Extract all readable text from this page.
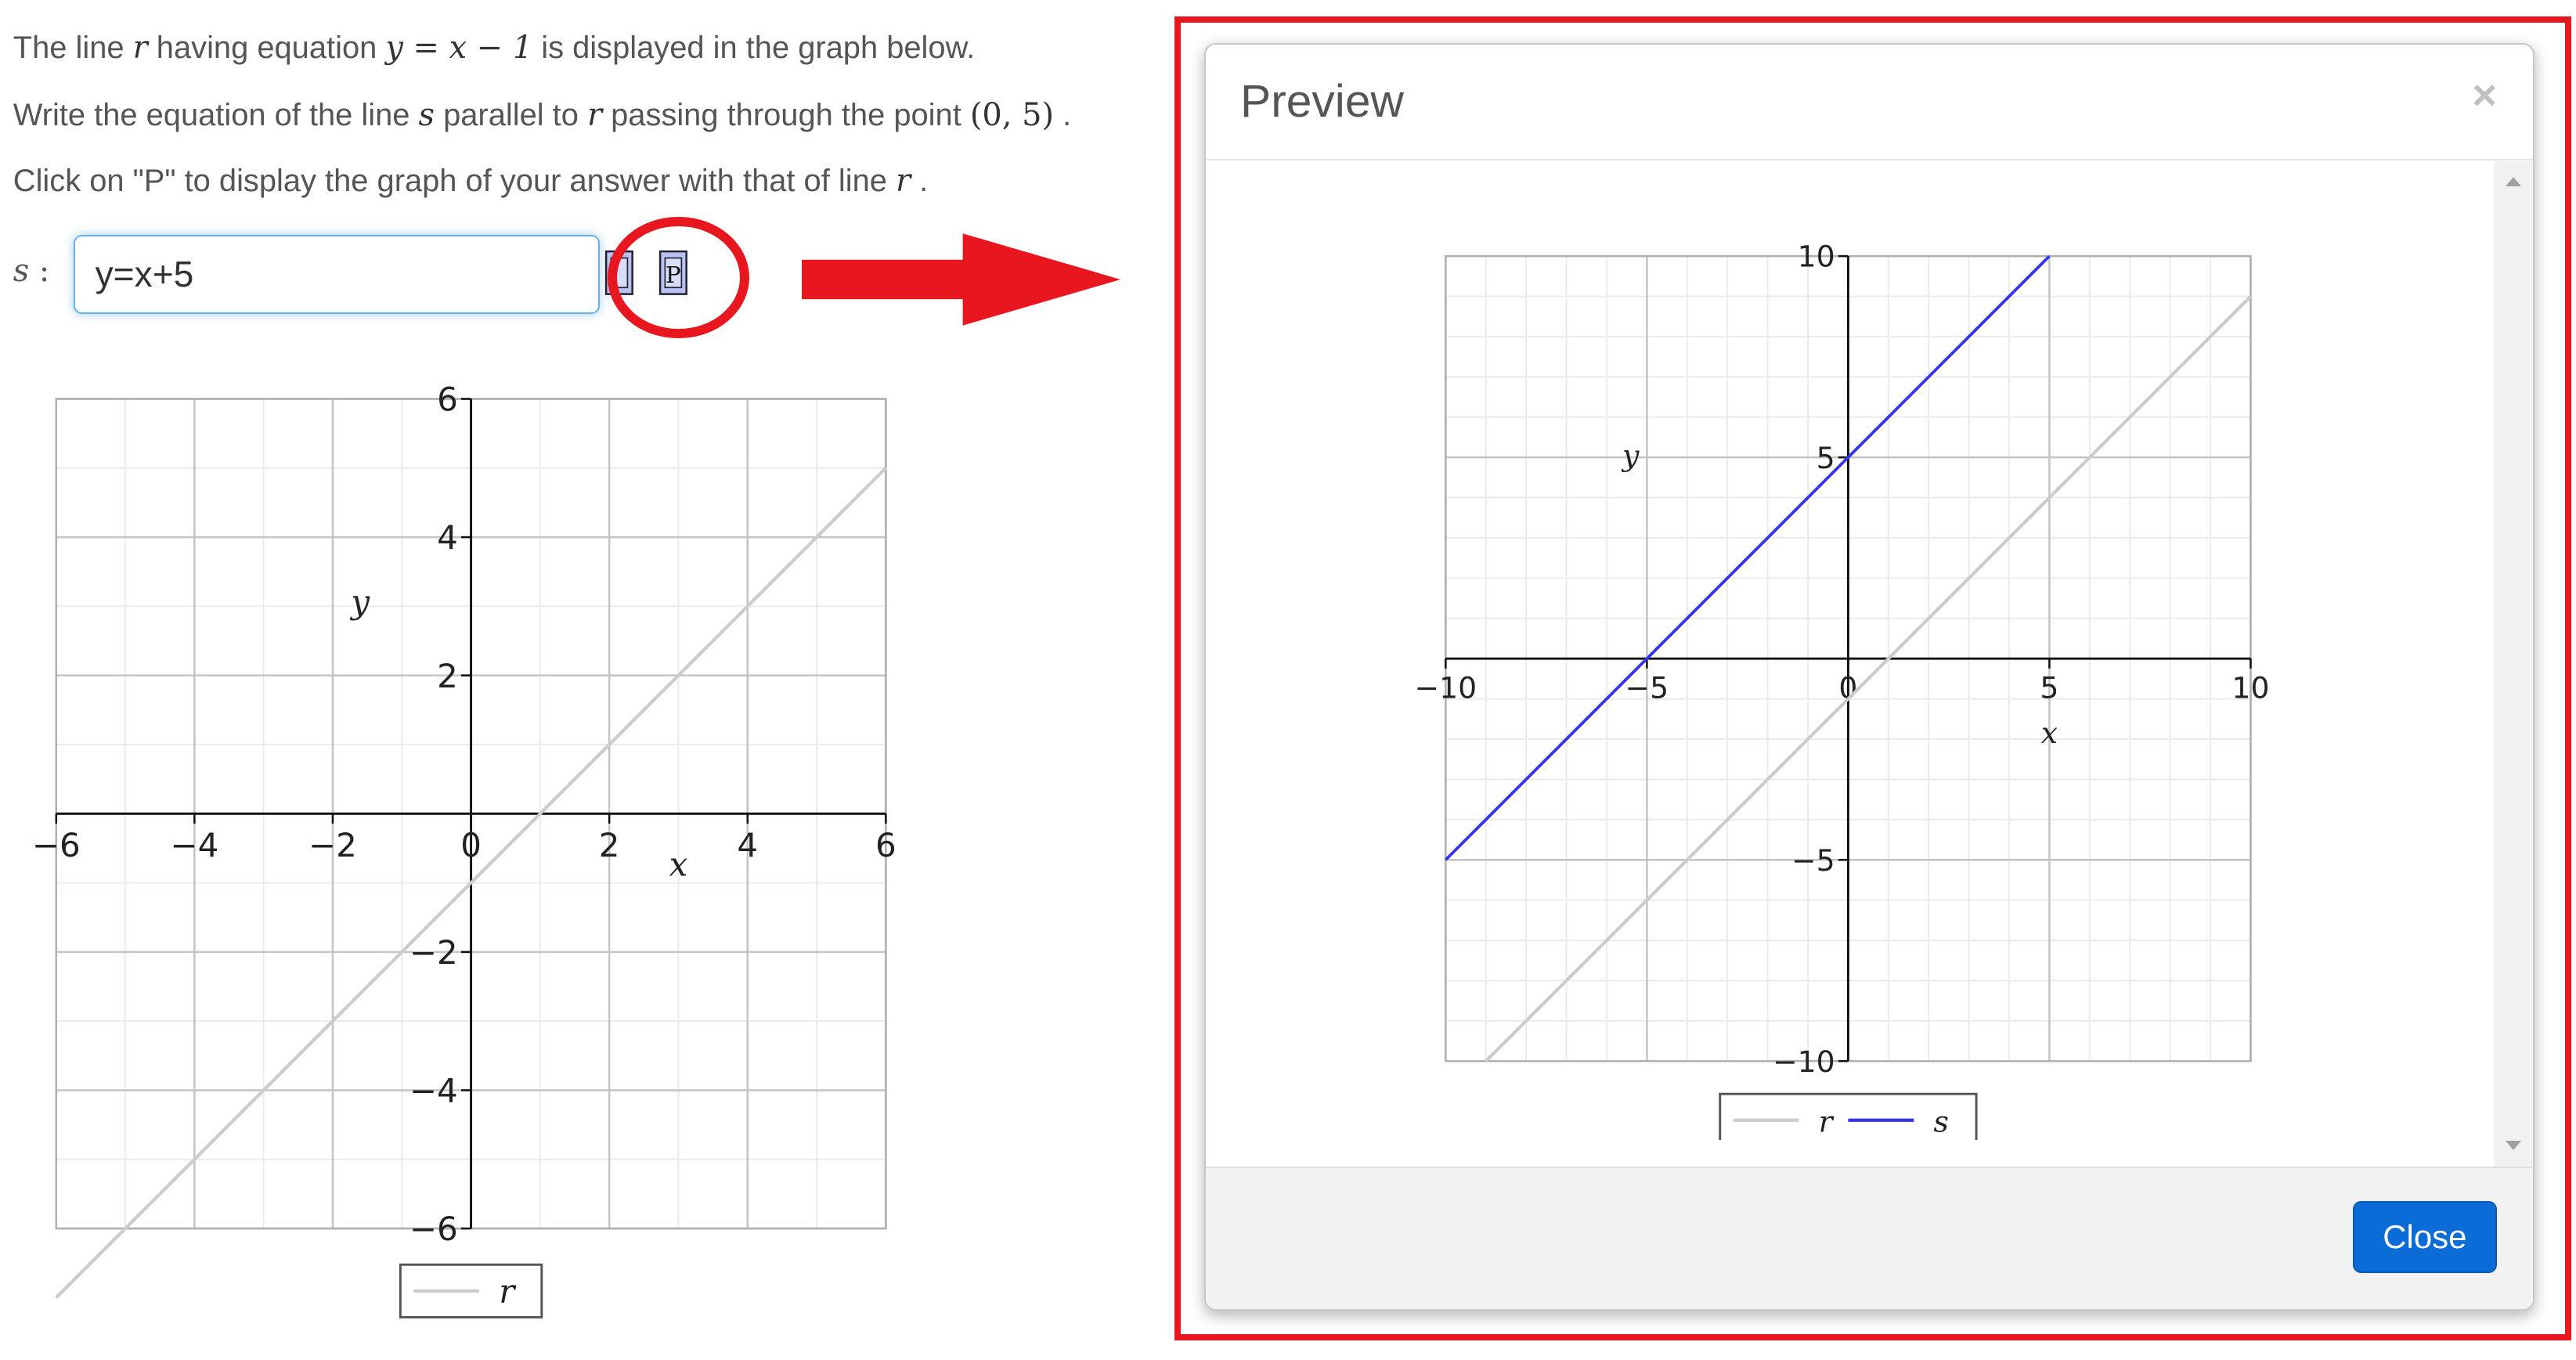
The line r having equation y = x − 1 is displayed in the graph below.
Write the equation of the line s parallel to r passing through the point (0, 5) .
Click on "P" to display the graph of your answer with that of line r .
s :
y=x+5	P
−6	−4	−2	0	2	4	6
−6
−4
−2
2
4
6
x
y
r
Preview	×
−10	−5	0	5	10
−10
−5
5
10
x
y
r	s
Close
